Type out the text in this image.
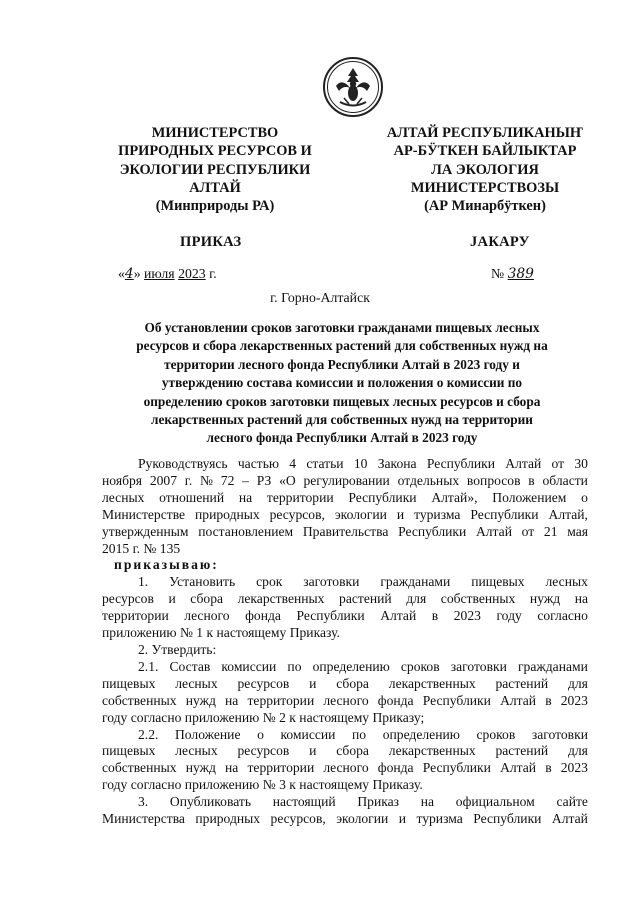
МИНИСТЕРСТВО
ПРИРОДНЫХ РЕСУРСОВ И
ЭКОЛОГИИ РЕСПУБЛИКИ
АЛТАЙ
(Минприроды РА)
АЛТАЙ РЕСПУБЛИКАНЫҤ
АР-БӰТКЕН БАЙЛЫКТАР
ЛА ЭКОЛОГИЯ
МИНИСТЕРСТВОЗЫ
(АР Минарбӱткен)
ПРИКАЗ	JАКАРУ
«4» июля 2023 г.	№ 389
г. Горно-Алтайск
Об установлении сроков заготовки гражданами пищевых лесных
ресурсов и сбора лекарственных растений для собственных нужд на
территории лесного фонда Республики Алтай в 2023 году и
утверждению состава комиссии и положения о комиссии по
определению сроков заготовки пищевых лесных ресурсов и сбора
лекарственных растений для собственных нужд на территории
лесного фонда Республики Алтай в 2023 году
Руководствуясь частью 4 статьи 10 Закона Республики Алтай от 30
ноября 2007 г. № 72 – РЗ «О регулировании отдельных вопросов в области
лесных отношений на территории Республики Алтай», Положением о
Министерстве природных ресурсов, экологии и туризма Республики Алтай,
утвержденным постановлением Правительства Республики Алтай от 21 мая
2015 г. № 135
приказываю:
1. Установить срок заготовки гражданами пищевых лесных
ресурсов и сбора лекарственных растений для собственных нужд на
территории лесного фонда Республики Алтай в 2023 году согласно
приложению № 1 к настоящему Приказу.
2. Утвердить:
2.1. Состав комиссии по определению сроков заготовки гражданами
пищевых лесных ресурсов и сбора лекарственных растений для
собственных нужд на территории лесного фонда Республики Алтай в 2023
году согласно приложению № 2 к настоящему Приказу;
2.2. Положение о комиссии по определению сроков заготовки
пищевых лесных ресурсов и сбора лекарственных растений для
собственных нужд на территории лесного фонда Республики Алтай в 2023
году согласно приложению № 3 к настоящему Приказу.
3. Опубликовать настоящий Приказ на официальном сайте
Министерства природных ресурсов, экологии и туризма Республики Алтай
